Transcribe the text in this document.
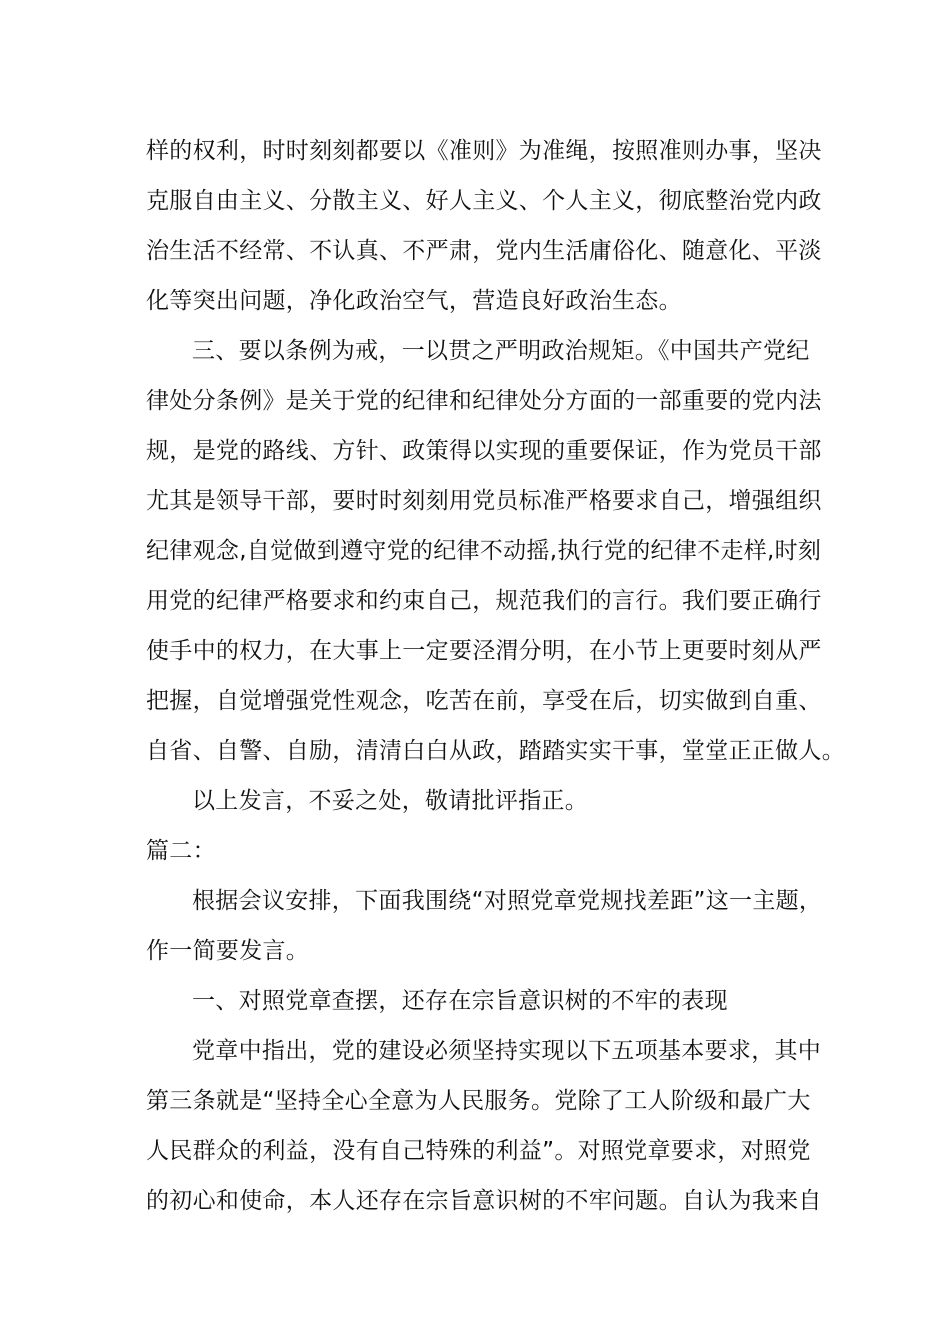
样的权利，时时刻刻都要以《准则》为准绳，按照准则办事，坚决
克服自由主义、分散主义、好人主义、个人主义，彻底整治党内政
治生活不经常、不认真、不严肃，党内生活庸俗化、随意化、平淡
化等突出问题，净化政治空气，营造良好政治生态。
三、要以条例为戒，一以贯之严明政治规矩。《中国共产党纪
律处分条例》是关于党的纪律和纪律处分方面的一部重要的党内法
规，是党的路线、方针、政策得以实现的重要保证，作为党员干部
尤其是领导干部，要时时刻刻用党员标准严格要求自己，增强组织
纪律观念,自觉做到遵守党的纪律不动摇,执行党的纪律不走样,时刻
用党的纪律严格要求和约束自己，规范我们的言行。我们要正确行
使手中的权力，在大事上一定要泾渭分明，在小节上更要时刻从严
把握，自觉增强党性观念，吃苦在前，享受在后，切实做到自重、
自省、自警、自励，清清白白从政，踏踏实实干事，堂堂正正做人。
以上发言，不妥之处，敬请批评指正。
篇二：
根据会议安排，下面我围绕“对照党章党规找差距”这一主题，
作一简要发言。
一、对照党章查摆，还存在宗旨意识树的不牢的表现
党章中指出，党的建设必须坚持实现以下五项基本要求，其中
第三条就是“坚持全心全意为人民服务。党除了工人阶级和最广大
人民群众的利益，没有自己特殊的利益”。对照党章要求，对照党
的初心和使命，本人还存在宗旨意识树的不牢问题。自认为我来自
